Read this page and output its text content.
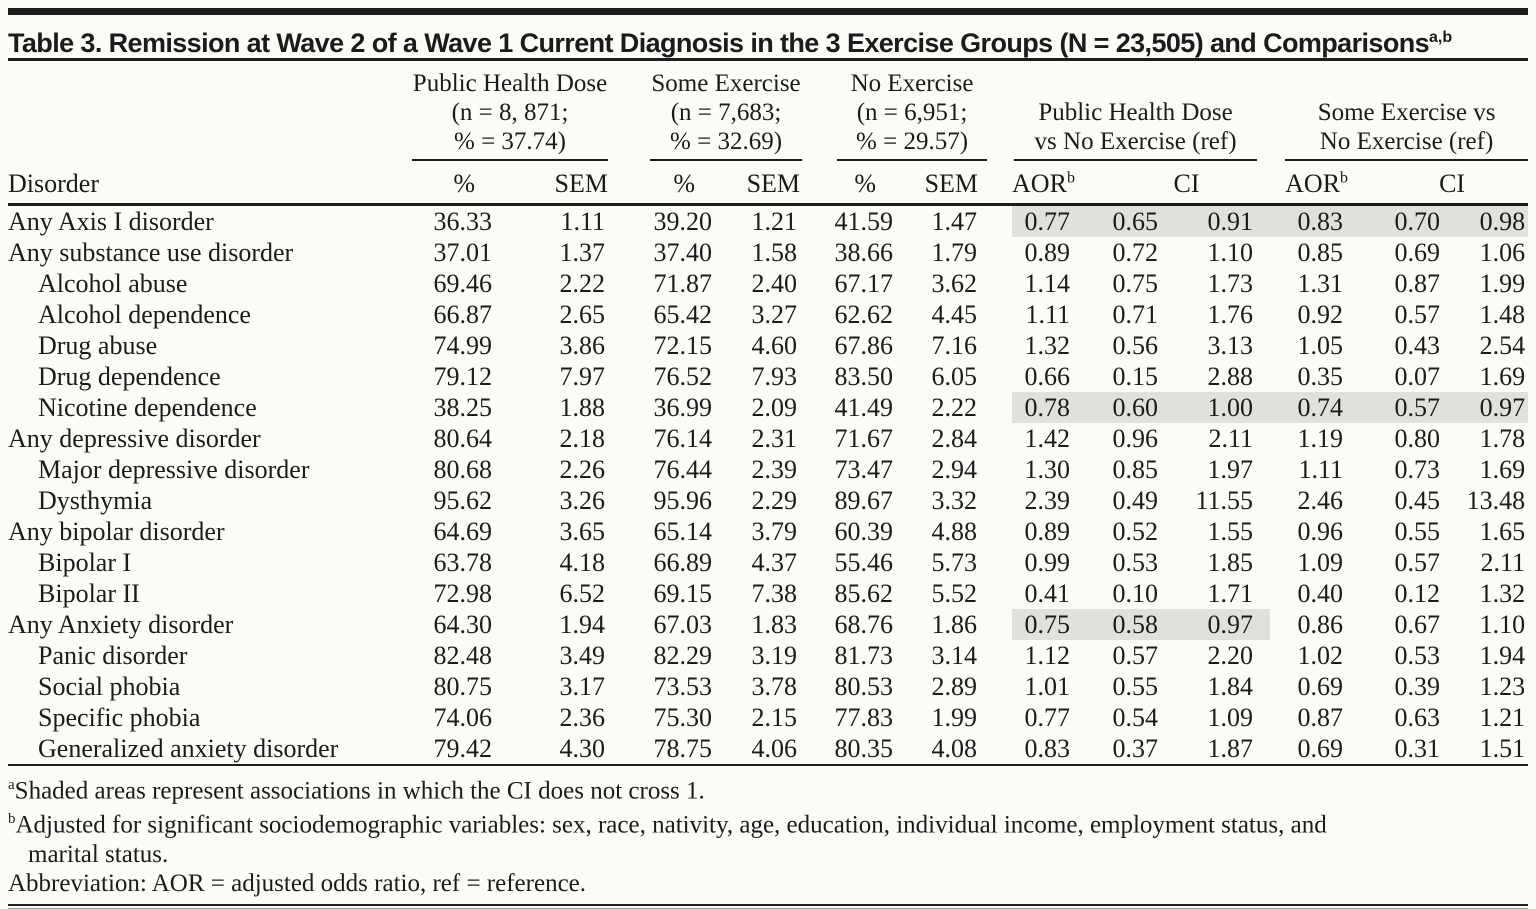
Table 3. Remission at Wave 2 of a Wave 1 Current Diagnosis in the 3 Exercise Groups (N = 23,505) and Comparisons$^{a,b}$

Public Health Dose
(n = 8, 871;
% = 37.74)

Some Exercise
(n = 7,683;
% = 32.69)

No Exercise
(n = 6,951;
% = 29.57)

Public Health Dose
vs No Exercise (ref)

Some Exercise vs
No Exercise (ref)

Disorder	%	SEM	%	SEM	%	SEM	AOR$^b$	CI		AOR$^b$	CI	
Any Axis I disorder	36.33	1.11	39.20	1.21	41.59	1.47	0.77	0.65	0.91	0.83	0.70	0.98
Any substance use disorder	37.01	1.37	37.40	1.58	38.66	1.79	0.89	0.72	1.10	0.85	0.69	1.06
Alcohol abuse	69.46	2.22	71.87	2.40	67.17	3.62	1.14	0.75	1.73	1.31	0.87	1.99
Alcohol dependence	66.87	2.65	65.42	3.27	62.62	4.45	1.11	0.71	1.76	0.92	0.57	1.48
Drug abuse	74.99	3.86	72.15	4.60	67.86	7.16	1.32	0.56	3.13	1.05	0.43	2.54
Drug dependence	79.12	7.97	76.52	7.93	83.50	6.05	0.66	0.15	2.88	0.35	0.07	1.69
Nicotine dependence	38.25	1.88	36.99	2.09	41.49	2.22	0.78	0.60	1.00	0.74	0.57	0.97
Any depressive disorder	80.64	2.18	76.14	2.31	71.67	2.84	1.42	0.96	2.11	1.19	0.80	1.78
Major depressive disorder	80.68	2.26	76.44	2.39	73.47	2.94	1.30	0.85	1.97	1.11	0.73	1.69
Dysthymia	95.62	3.26	95.96	2.29	89.67	3.32	2.39	0.49	11.55	2.46	0.45	13.48
Any bipolar disorder	64.69	3.65	65.14	3.79	60.39	4.88	0.89	0.52	1.55	0.96	0.55	1.65
Bipolar I	63.78	4.18	66.89	4.37	55.46	5.73	0.99	0.53	1.85	1.09	0.57	2.11
Bipolar II	72.98	6.52	69.15	7.38	85.62	5.52	0.41	0.10	1.71	0.40	0.12	1.32
Any Anxiety disorder	64.30	1.94	67.03	1.83	68.76	1.86	0.75	0.58	0.97	0.86	0.67	1.10
Panic disorder	82.48	3.49	82.29	3.19	81.73	3.14	1.12	0.57	2.20	1.02	0.53	1.94
Social phobia	80.75	3.17	73.53	3.78	80.53	2.89	1.01	0.55	1.84	0.69	0.39	1.23
Specific phobia	74.06	2.36	75.30	2.15	77.83	1.99	0.77	0.54	1.09	0.87	0.63	1.21
Generalized anxiety disorder	79.42	4.30	78.75	4.06	80.35	4.08	0.83	0.37	1.87	0.69	0.31	1.51
$^a$Shaded areas represent associations in which the CI does not cross 1.
$^b$Adjusted for significant sociodemographic variables: sex, race, nativity, age, education, individual income, employment status, and
marital status.
Abbreviation: AOR = adjusted odds ratio, ref = reference.
